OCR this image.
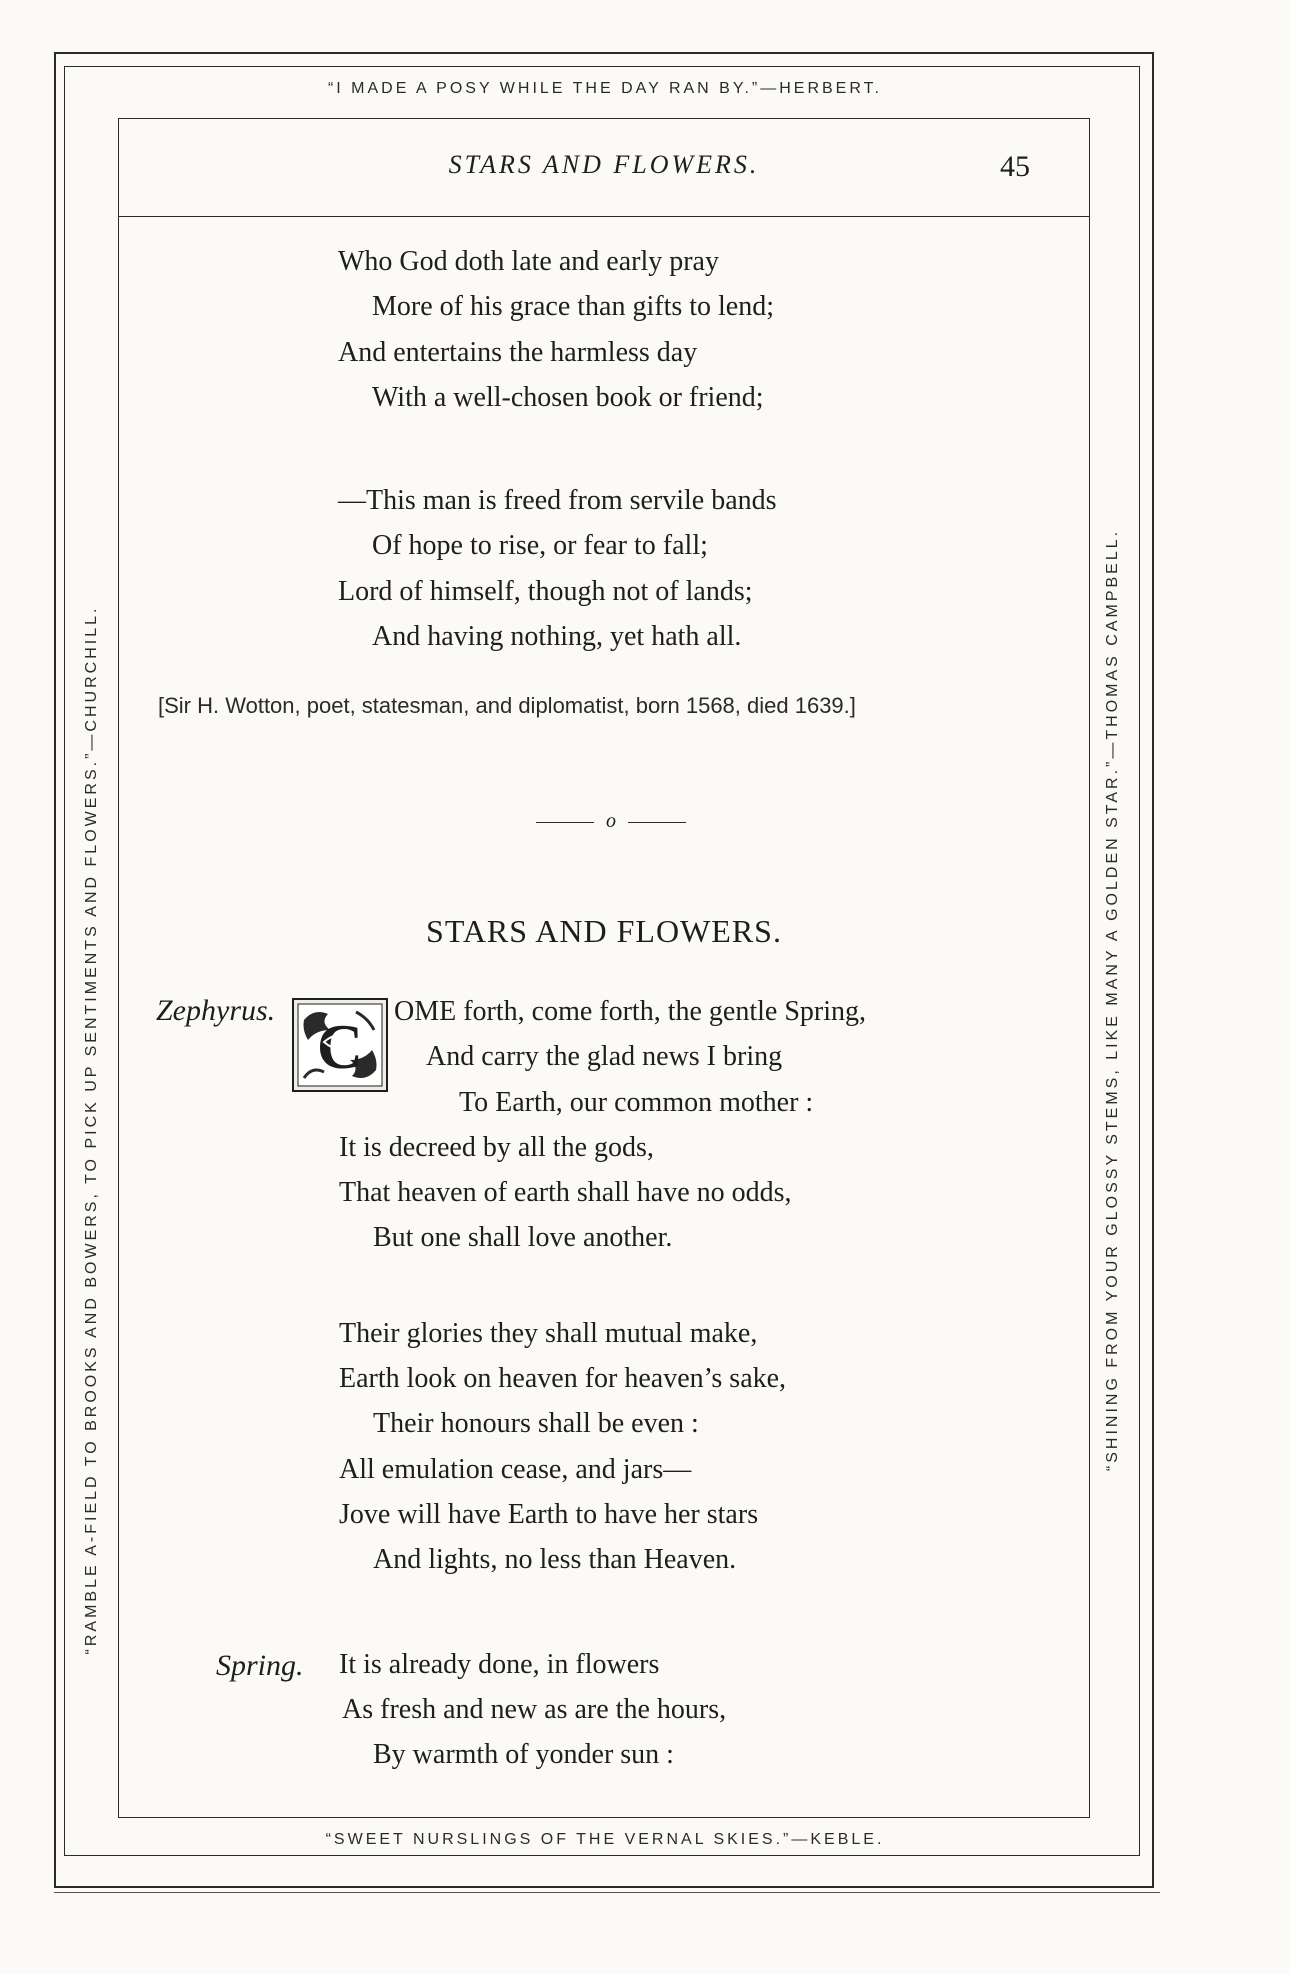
“I MADE A POSY WHILE THE DAY RAN BY.”—HERBERT.
“SWEET NURSLINGS OF THE VERNAL SKIES.”—KEBLE.
“RAMBLE A-FIELD TO BROOKS AND BOWERS, TO PICK UP SENTIMENTS AND FLOWERS.”—CHURCHILL.	“SHINING FROM YOUR GLOSSY STEMS, LIKE MANY A GOLDEN STAR.”—THOMAS CAMPBELL.
STARS AND FLOWERS.	45
Who God doth late and early pray
More of his grace than gifts to lend;
And entertains the harmless day
With a well-chosen book or friend;
—This man is freed from servile bands
Of hope to rise, or fear to fall;
Lord of himself, though not of lands;
And having nothing, yet hath all.
[Sir H. Wotton, poet, statesman, and diplomatist, born 1568, died 1639.]
o
STARS AND FLOWERS.
Zephyrus.
C OME forth, come forth, the gentle Spring,
And carry the glad news I bring
To Earth, our common mother :
It is decreed by all the gods,
That heaven of earth shall have no odds,
But one shall love another.
Their glories they shall mutual make,
Earth look on heaven for heaven’s sake,
Their honours shall be even :
All emulation cease, and jars—
Jove will have Earth to have her stars
And lights, no less than Heaven.
Spring. It is already done, in flowers
As fresh and new as are the hours,
By warmth of yonder sun :
